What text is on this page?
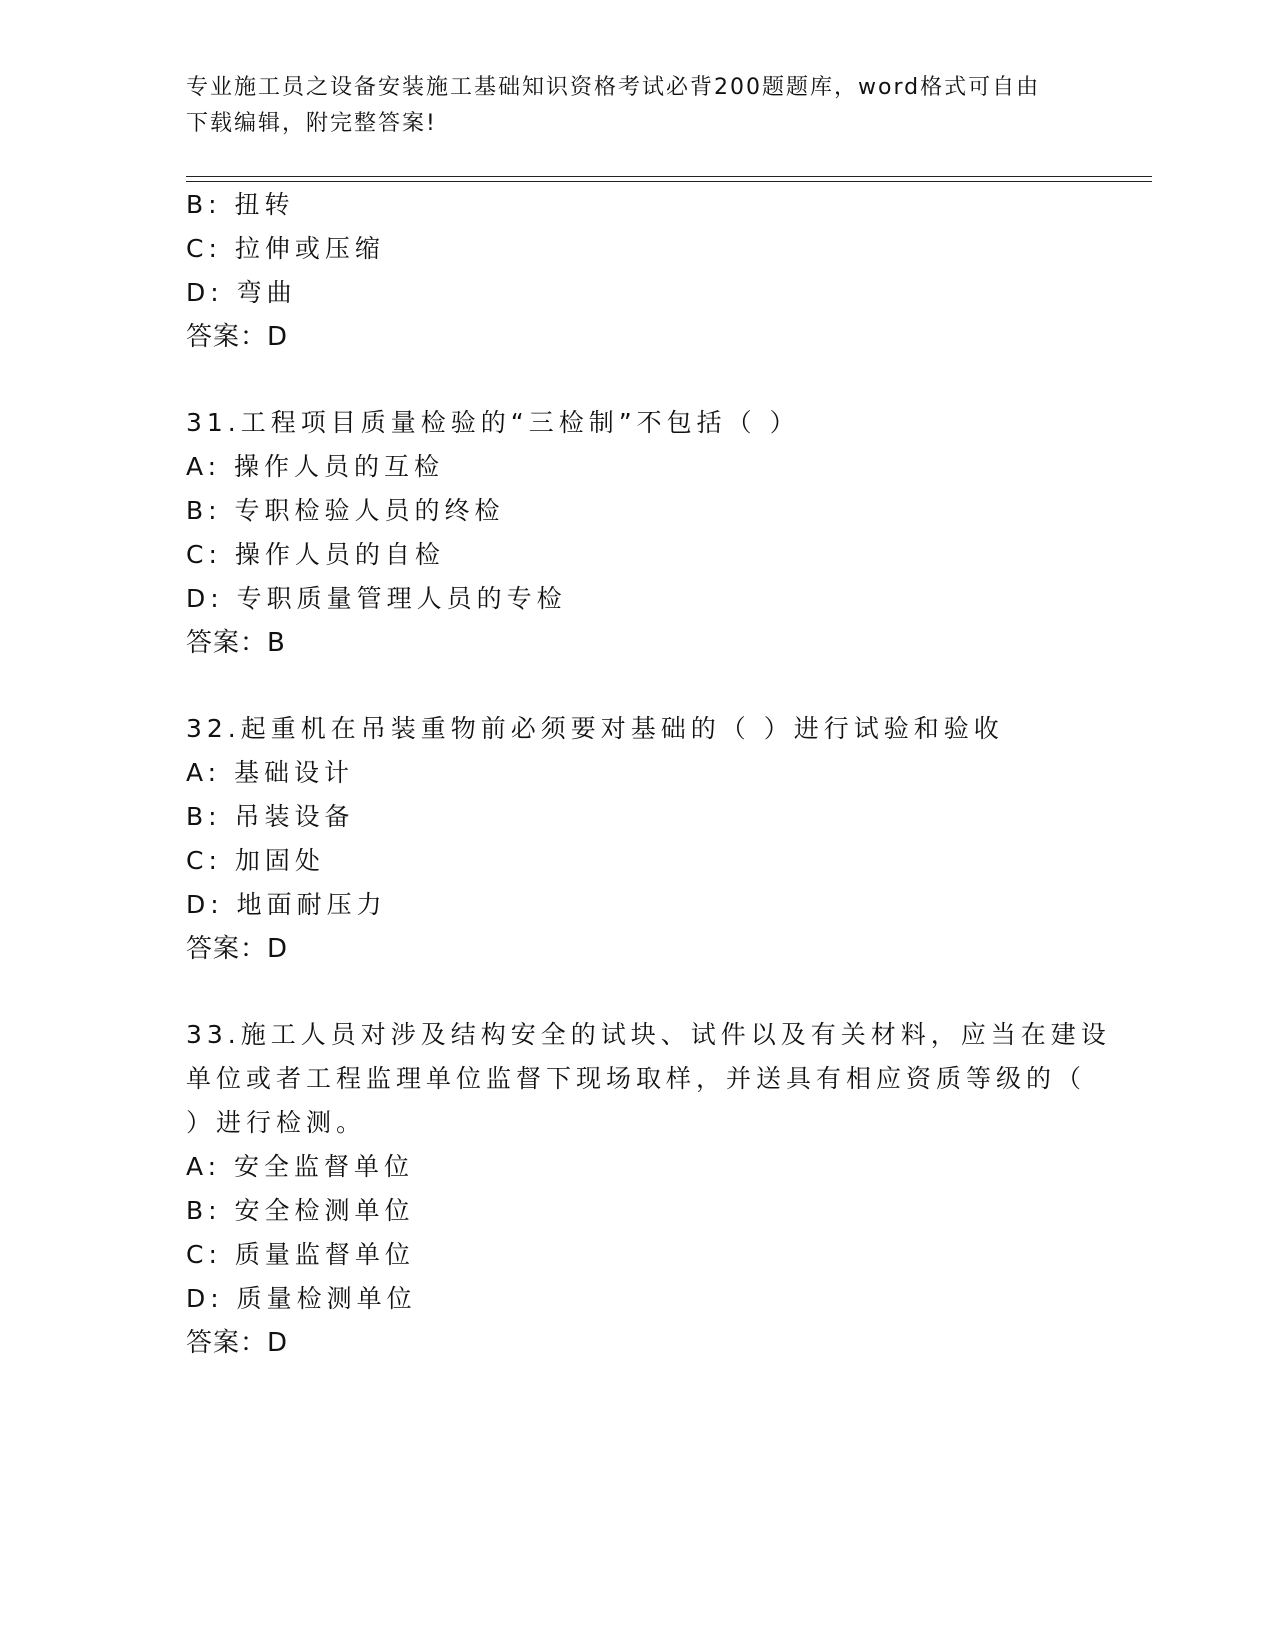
专业施工员之设备安装施工基础知识资格考试必背200题题库，word格式可自由
下载编辑，附完整答案!
B: 扭转
C: 拉伸或压缩
D: 弯曲
答案：D
31.工程项目质量检验的“三检制”不包括（ ）
A: 操作人员的互检
B: 专职检验人员的终检
C: 操作人员的自检
D: 专职质量管理人员的专检
答案：B
32.起重机在吊装重物前必须要对基础的（ ）进行试验和验收
A: 基础设计
B: 吊装设备
C: 加固处
D: 地面耐压力
答案：D
33.施工人员对涉及结构安全的试块、试件以及有关材料，应当在建设
单位或者工程监理单位监督下现场取样，并送具有相应资质等级的（
）进行检测。
A: 安全监督单位
B: 安全检测单位
C: 质量监督单位
D: 质量检测单位
答案：D
